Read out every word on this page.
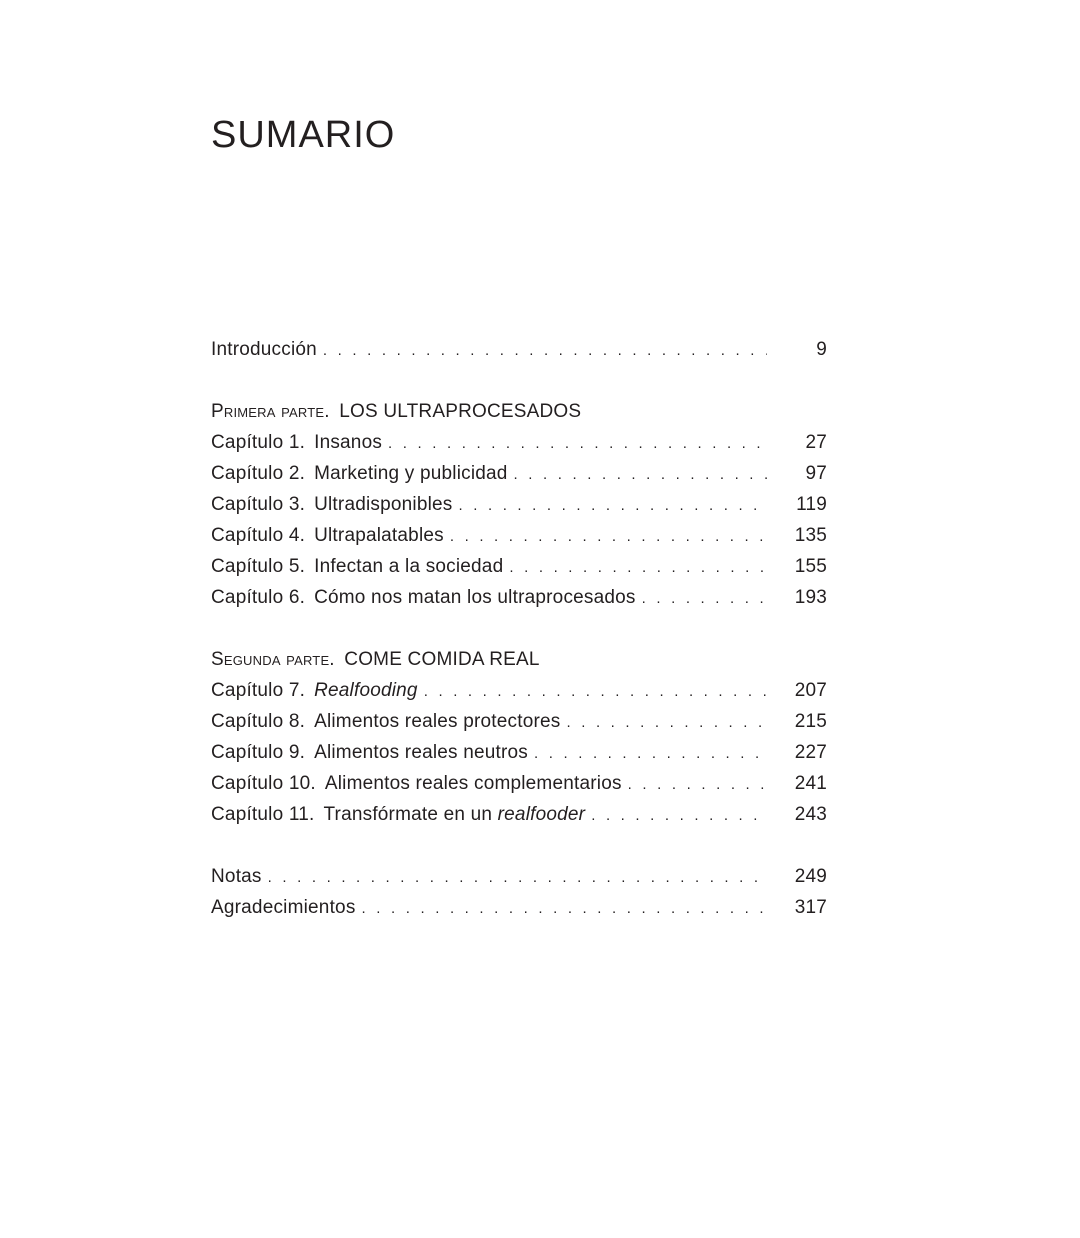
SUMARIO
Introducción . . .	9
Primera parte. LOS ULTRAPROCESADOS
Capítulo 1. Insanos . . .	27
Capítulo 2. Marketing y publicidad . . .	97
Capítulo 3. Ultradisponibles . . .	119
Capítulo 4. Ultrapalatables . . .	135
Capítulo 5. Infectan a la sociedad . . .	155
Capítulo 6. Cómo nos matan los ultraprocesados . . .	193
Segunda parte. COME COMIDA REAL
Capítulo 7. Realfooding . . .	207
Capítulo 8. Alimentos reales protectores . . .	215
Capítulo 9. Alimentos reales neutros . . .	227
Capítulo 10. Alimentos reales complementarios . . .	241
Capítulo 11. Transfórmate en un realfooder . . .	243
Notas . . .	249
Agradecimientos . . .	317
